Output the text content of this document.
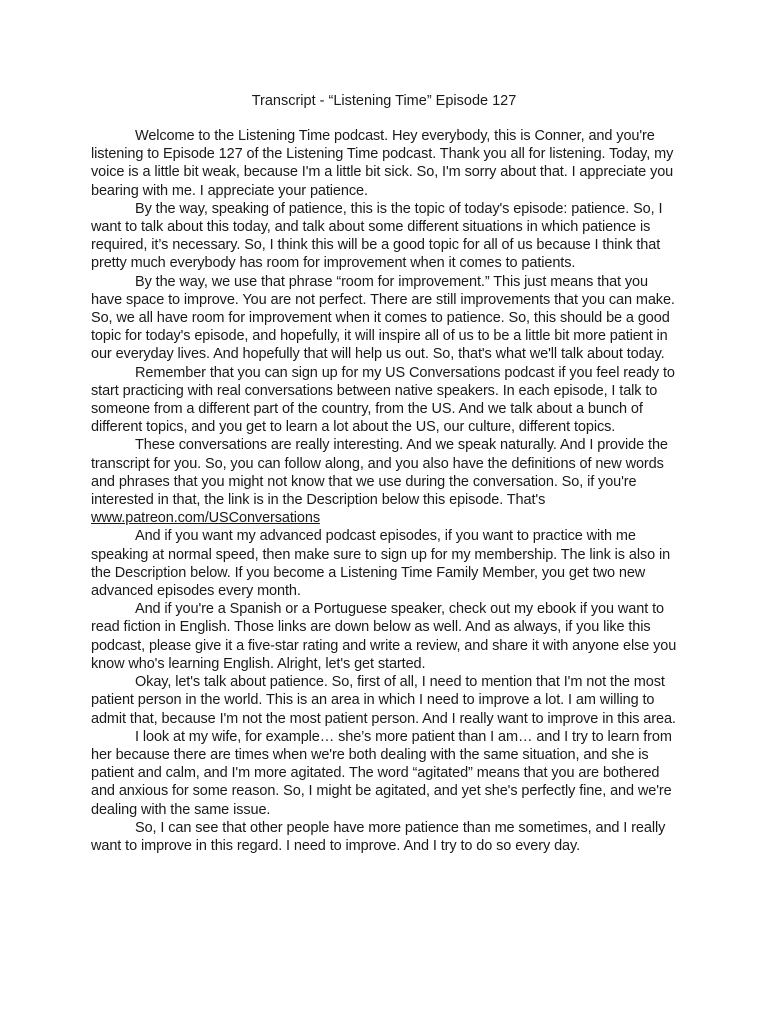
Transcript - “Listening Time” Episode 127

Welcome to the Listening Time podcast. Hey everybody, this is Conner, and you're listening to Episode 127 of the Listening Time podcast. Thank you all for listening. Today, my voice is a little bit weak, because I'm a little bit sick. So, I'm sorry about that. I appreciate you bearing with me. I appreciate your patience.

By the way, speaking of patience, this is the topic of today's episode: patience. So, I want to talk about this today, and talk about some different situations in which patience is required, it’s necessary. So, I think this will be a good topic for all of us because I think that pretty much everybody has room for improvement when it comes to patients.

By the way, we use that phrase “room for improvement.” This just means that you have space to improve. You are not perfect. There are still improvements that you can make. So, we all have room for improvement when it comes to patience. So, this should be a good topic for today's episode, and hopefully, it will inspire all of us to be a little bit more patient in our everyday lives. And hopefully that will help us out. So, that's what we'll talk about today.

Remember that you can sign up for my US Conversations podcast if you feel ready to start practicing with real conversations between native speakers. In each episode, I talk to someone from a different part of the country, from the US. And we talk about a bunch of different topics, and you get to learn a lot about the US, our culture, different topics.

These conversations are really interesting. And we speak naturally. And I provide the transcript for you. So, you can follow along, and you also have the definitions of new words and phrases that you might not know that we use during the conversation. So, if you're interested in that, the link is in the Description below this episode. That's

www.patreon.com/USConversations

And if you want my advanced podcast episodes, if you want to practice with me speaking at normal speed, then make sure to sign up for my membership. The link is also in the Description below. If you become a Listening Time Family Member, you get two new advanced episodes every month.

And if you're a Spanish or a Portuguese speaker, check out my ebook if you want to read fiction in English. Those links are down below as well. And as always, if you like this podcast, please give it a five-star rating and write a review, and share it with anyone else you know who's learning English. Alright, let's get started.

Okay, let's talk about patience. So, first of all, I need to mention that I'm not the most patient person in the world. This is an area in which I need to improve a lot. I am willing to admit that, because I'm not the most patient person. And I really want to improve in this area.

I look at my wife, for example… she’s more patient than I am… and I try to learn from her because there are times when we're both dealing with the same situation, and she is patient and calm, and I'm more agitated. The word “agitated” means that you are bothered and anxious for some reason. So, I might be agitated, and yet she's perfectly fine, and we're dealing with the same issue.

So, I can see that other people have more patience than me sometimes, and I really want to improve in this regard. I need to improve. And I try to do so every day.
